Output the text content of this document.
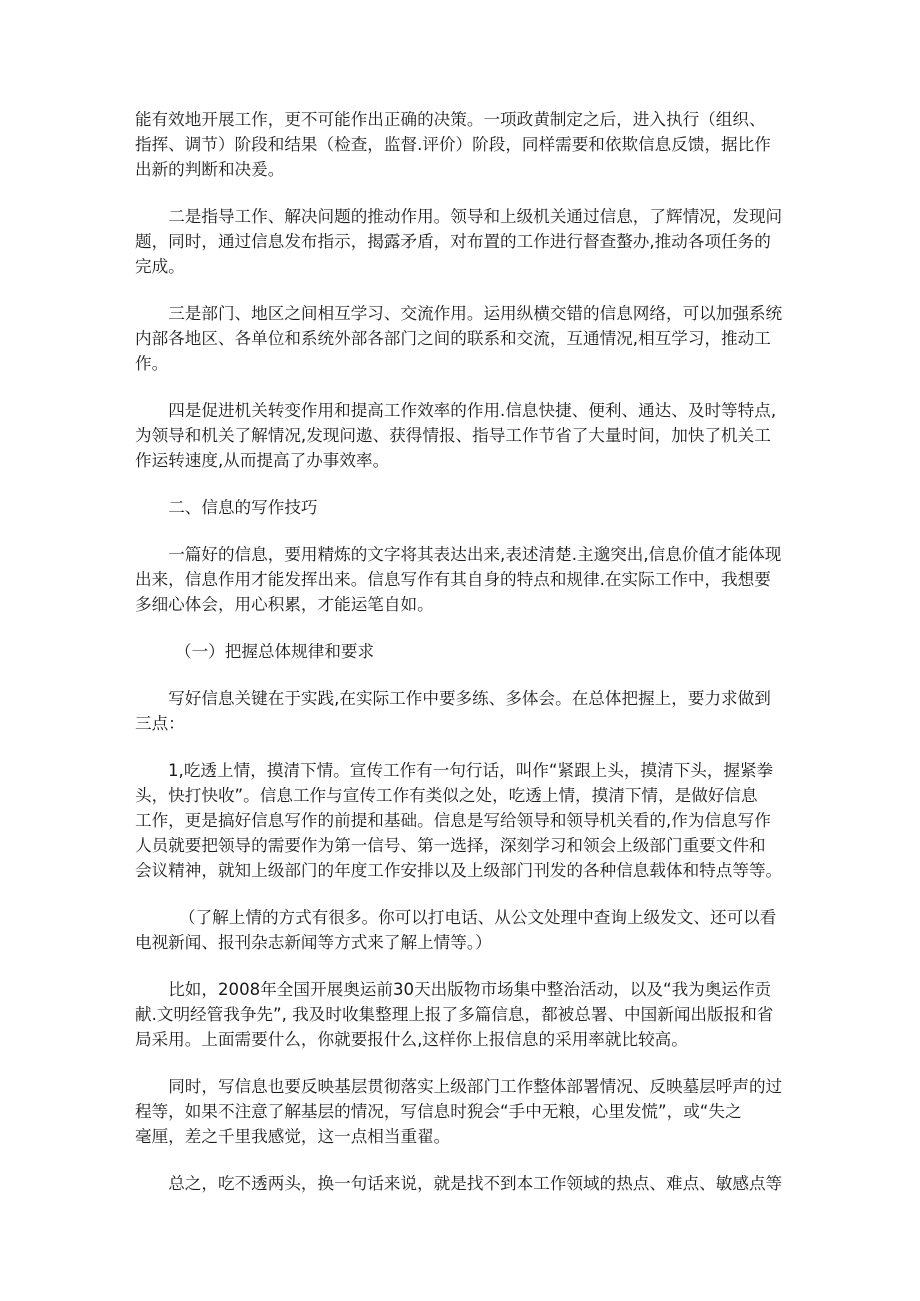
能有效地开展工作，更不可能作出正确的决策。一项政黄制定之后，进入执行（组织、
指挥、调节）阶段和结果（检查，监督.评价）阶段，同样需要和依欺信息反馈，据比作
出新的判断和决爰。
二是指导工作、解决问题的推动作用。领导和上级机关通过信息，了辉情况，发现问
题，同时，通过信息发布指示，揭露矛盾，对布置的工作进行督查螯办,推动各项任务的
完成。
三是部门、地区之间相互学习、交流作用。运用纵横交错的信息网络，可以加强系统
内部各地区、各单位和系统外部各部门之间的联系和交流，互通情况,相互学习，推动工
作。
四是促进机关转变作用和提高工作效率的作用.信息快捷、便利、通达、及时等特点,
为领导和机关了解情况,发现问遨、获得情报、指导工作节省了大量时间，加快了机关工
作运转速度,从而提高了办事效率。
二、信息的写作技巧
一篇好的信息，要用精炼的文字将其表达出来,表述清楚.主邈突出,信息价值才能体现
出来，信息作用才能发挥出来。信息写作有其自身的特点和规律.在实际工作中，我想要
多细心体会，用心积累，才能运笔自如。
（一）把握总体规律和要求
写好信息关键在于实践,在实际工作中要多练、多体会。在总体把握上，要力求做到
三点：
1,吃透上情，摸清下情。宣传工作有一句行话，叫作“紧跟上头，摸清下头，握紧拳
头，快打快收”。信息工作与宣传工作有类似之处，吃透上情，摸清下情，是做好信息
工作，更是搞好信息写作的前提和基础。信息是写给领导和领导机关看的,作为信息写作
人员就要把领导的需要作为第一信号、第一选择，深刻学习和领会上级部门重要文件和
会议精神，就知上级部门的年度工作安排以及上级部门刊发的各种信息载体和特点等等。
（了解上情的方式有很多。你可以打电话、从公文处理中查询上级发文、还可以看
电视新闻、报刊杂志新闻等方式来了解上情等。）
比如，2008年全国开展奥运前30天出版物市场集中整治活动，以及“我为奥运作贡
献.文明经管我争先”, 我及时收集整理上报了多篇信息，都被总署、中国新闻出版报和省
局采用。上面需要什么，你就要报什么,这样你上报信息的采用率就比较高。
同时，写信息也要反映基层贯彻落实上级部门工作整体部署情况、反映墓层呼声的过
程等，如果不注意了解基层的情况，写信息时猊会“手中无粮，心里发慌”，或“失之
毫厘，差之千里我感觉，这一点相当重翟。
总之，吃不透两头，换一句话来说，就是找不到本工作领域的热点、难点、敏感点等
